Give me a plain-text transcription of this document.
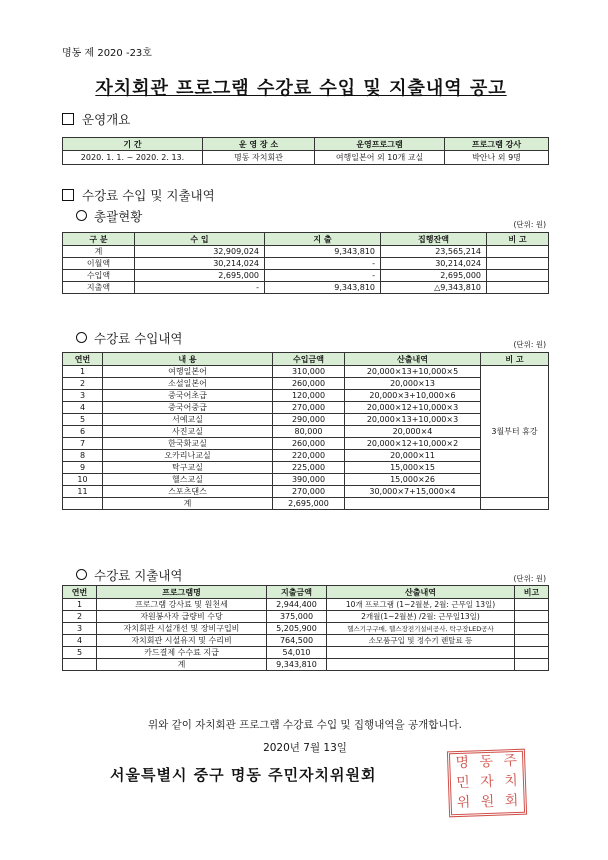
명동 제 2020 -23호
자치회관 프로그램 수강료 수입 및 지출내역 공고
운영개요
기 간	운 영 장 소	운영프로그램	프로그램 강사
2020. 1. 1. ~ 2020. 2. 13.	명동 자치회관	여행일본어 외 10개 교실	박안나 외 9명
수강료 수입 및 지출내역
총괄현황
(단위: 원)
구 분	수 입	지 출	집행잔액	비 고
계	32,909,024	9,343,810	23,565,214	
이월액	30,214,024	-	30,214,024	
수입액	2,695,000	-	2,695,000	
지출액	-	9,343,810	△9,343,810	
수강료 수입내역	(단위: 원)
연번	내 용	수입금액	산출내역	비 고
1	여행일본어	310,000	20,000×13+10,000×5	3월부터 휴강
2	소설일본어	260,000	20,000×13	
3	중국어초급	120,000	20,000×3+10,000×6	
4	중국어중급	270,000	20,000×12+10,000×3	
5	서예교실	290,000	20,000×13+10,000×3	
6	사진교실	80,000	20,000×4	
7	한국화교실	260,000	20,000×12+10,000×2	
8	오카리나교실	220,000	20,000×11	
9	탁구교실	225,000	15,000×15	
10	헬스교실	390,000	15,000×26	
11	스포츠댄스	270,000	30,000×7+15,000×4	
	계	2,695,000		
수강료 지출내역	(단위: 원)
연번	프로그램명	지출금액	산출내역	비고
1	프로그램 강사료 및 원천세	2,944,400	10개 프로그램 (1~2월분, 2월: 근무일 13일)	
2	자원봉사자 급량비 수당	375,000	2개월(1~2월분) /2월: 근무일13일)	
3	자치회관 시설개선 및 장비구입비	5,205,900	헬스기구구매, 헬스장전기설비공사, 탁구장LED공사	
4	자치회관 시설유지 및 수리비	764,500	소모품구입 및 정수기 렌탈료 등	
5	카드결제 수수료 지급	54,010		
	계	9,343,810		
위와 같이 자치회관 프로그램 수강료 수입 및 집행내역을 공개합니다.
2020년 7월 13일
서울특별시 중구 명동 주민자치위원회
명 동 주
민 자 치
위 원 회
